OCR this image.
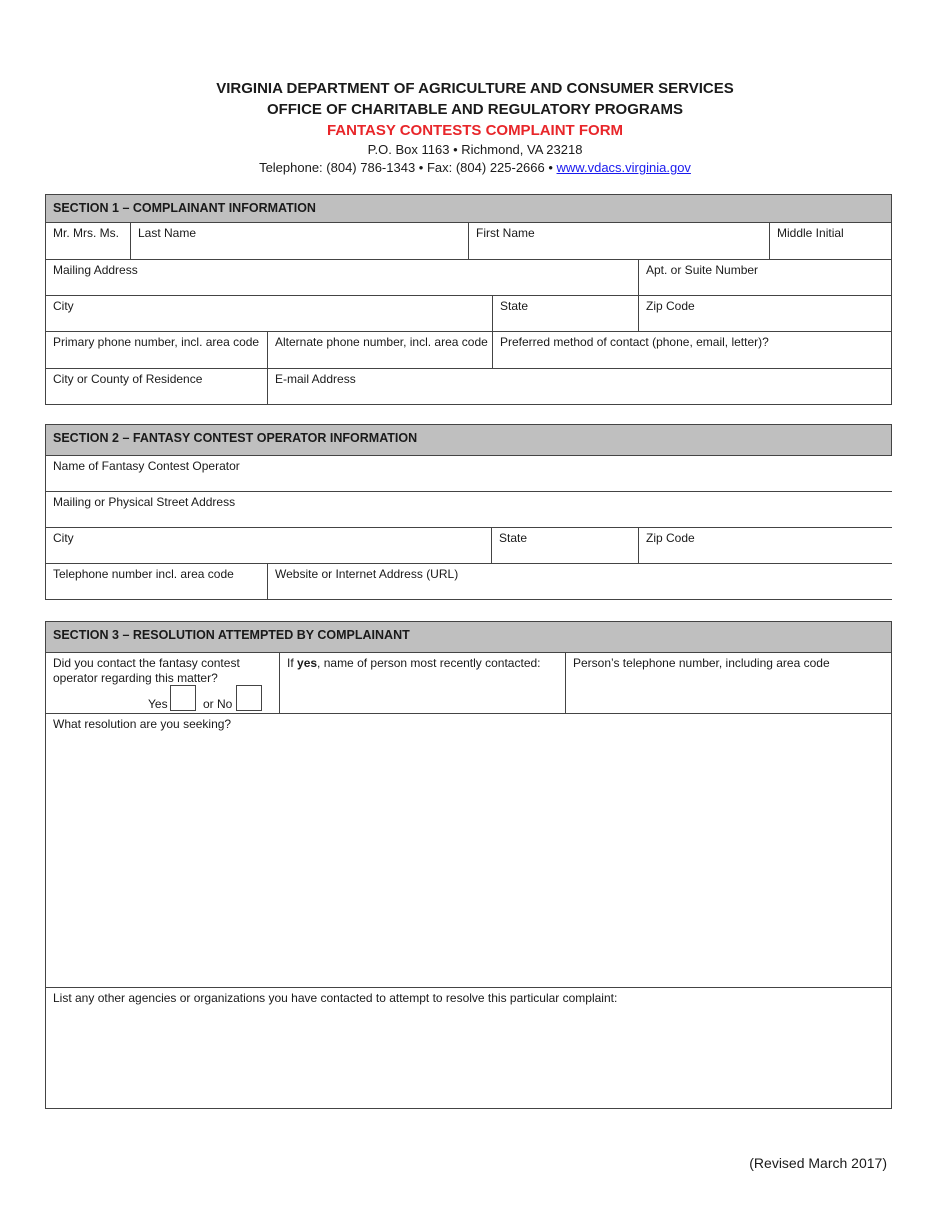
VIRGINIA DEPARTMENT OF AGRICULTURE AND CONSUMER SERVICES
OFFICE OF CHARITABLE AND REGULATORY PROGRAMS
FANTASY CONTESTS COMPLAINT FORM
P.O. Box 1163 • Richmond, VA 23218
Telephone: (804) 786-1343 • Fax: (804) 225-2666 • www.vdacs.virginia.gov
SECTION 1 – COMPLAINANT INFORMATION						
Mr. Mrs. Ms.	Last Name		First Name			Middle Initial
Mailing Address					Apt. or Suite Number	
City				State	Zip Code	
Primary phone number, incl. area code		Alternate phone number, incl. area code		Preferred method of contact (phone, email, letter)?		
City or County of Residence		E-mail Address				
SECTION 2 – FANTASY CONTEST OPERATOR INFORMATION			
Name of Fantasy Contest Operator			
Mailing or Physical Street Address			
City		State	Zip Code
Telephone number incl. area code	Website or Internet Address (URL)		
SECTION 3 – RESOLUTION ATTEMPTED BY COMPLAINANT

Did you contact the fantasy contest operator regarding this matter?
Yes	or No
	If yes, name of person most recently contacted:	Person’s telephone number, including area code
What resolution are you seeking?
List any other agencies or organizations you have contacted to attempt to resolve this particular complaint:
(Revised March 2017)
